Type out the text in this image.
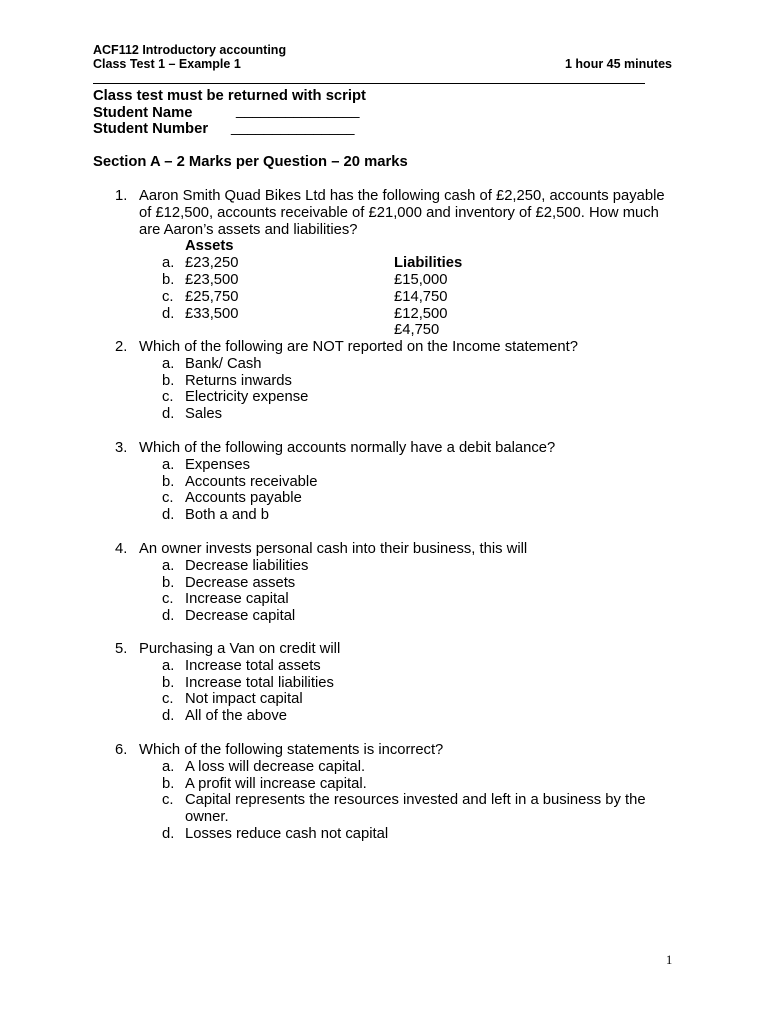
ACF112 Introductory accounting
Class Test 1 – Example 1	1 hour 45 minutes
Class test must be returned with script
Student Name	_______________
Student Number _______________
Section A – 2 Marks per Question – 20 marks
1. Aaron Smith Quad Bikes Ltd has the following cash of £2,250, accounts payable of £12,500, accounts receivable of £21,000 and inventory of £2,500. How much are Aaron’s assets and liabilities?
Assets
Liabilities
a. £23,250
£15,000
b. £23,500
£14,750
c. £25,750
£12,500
d. £33,500
£4,750
2. Which of the following are NOT reported on the Income statement?
a. Bank/ Cash
b. Returns inwards
c. Electricity expense
d. Sales
3. Which of the following accounts normally have a debit balance?
a. Expenses
b. Accounts receivable
c. Accounts payable
d. Both a and b
4. An owner invests personal cash into their business, this will
a. Decrease liabilities
b. Decrease assets
c. Increase capital
d. Decrease capital
5. Purchasing a Van on credit will
a. Increase total assets
b. Increase total liabilities
c. Not impact capital
d. All of the above
6. Which of the following statements is incorrect?
a. A loss will decrease capital.
b. A profit will increase capital.
c. Capital represents the resources invested and left in a business by the owner.
d. Losses reduce cash not capital
1
